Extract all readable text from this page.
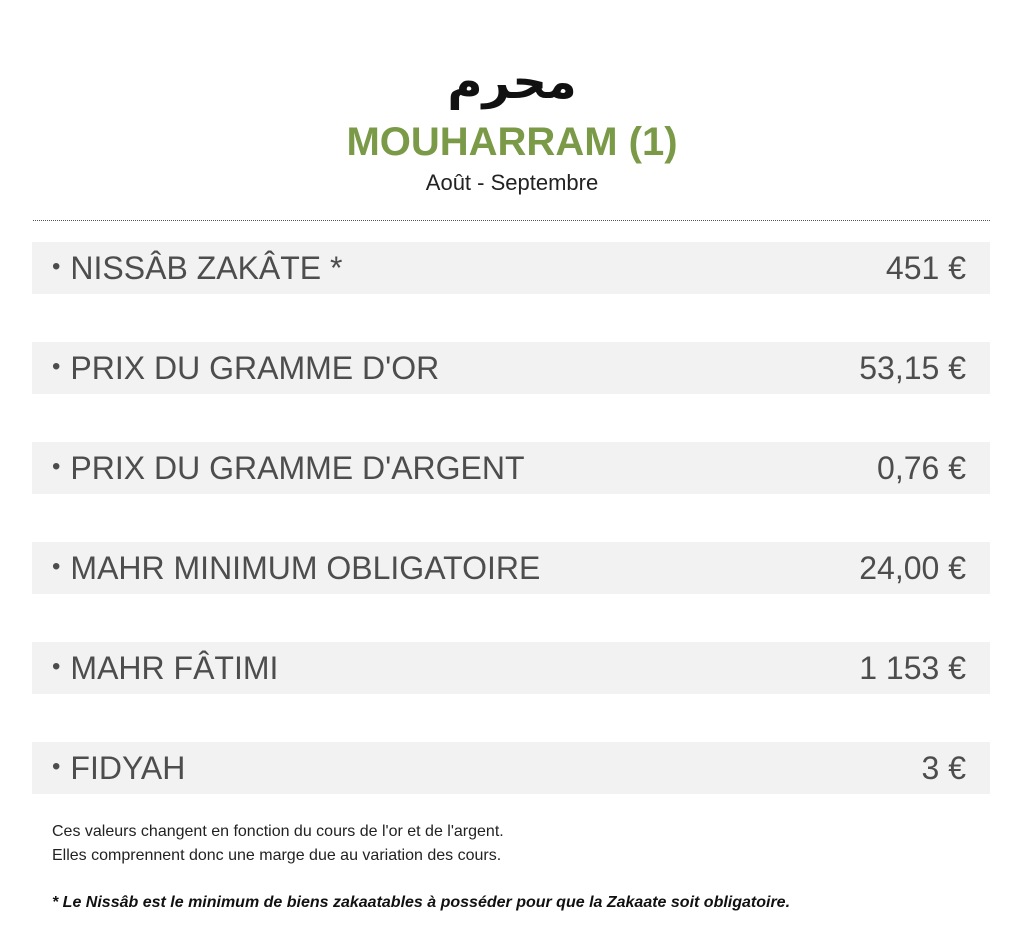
محرم
MOUHARRAM (1)
Août - Septembre
• NISSÂB ZAKÂTE *	451 €
• PRIX DU GRAMME D'OR	53,15 €
• PRIX DU GRAMME D'ARGENT	0,76 €
• MAHR MINIMUM OBLIGATOIRE	24,00 €
• MAHR FÂTIMI	1 153 €
• FIDYAH	3 €
Ces valeurs changent en fonction du cours de l'or et de l'argent.
Elles comprennent donc une marge due au variation des cours.
* Le Nissâb est le minimum de biens zakaatables à posséder pour que la Zakaate soit obligatoire.
